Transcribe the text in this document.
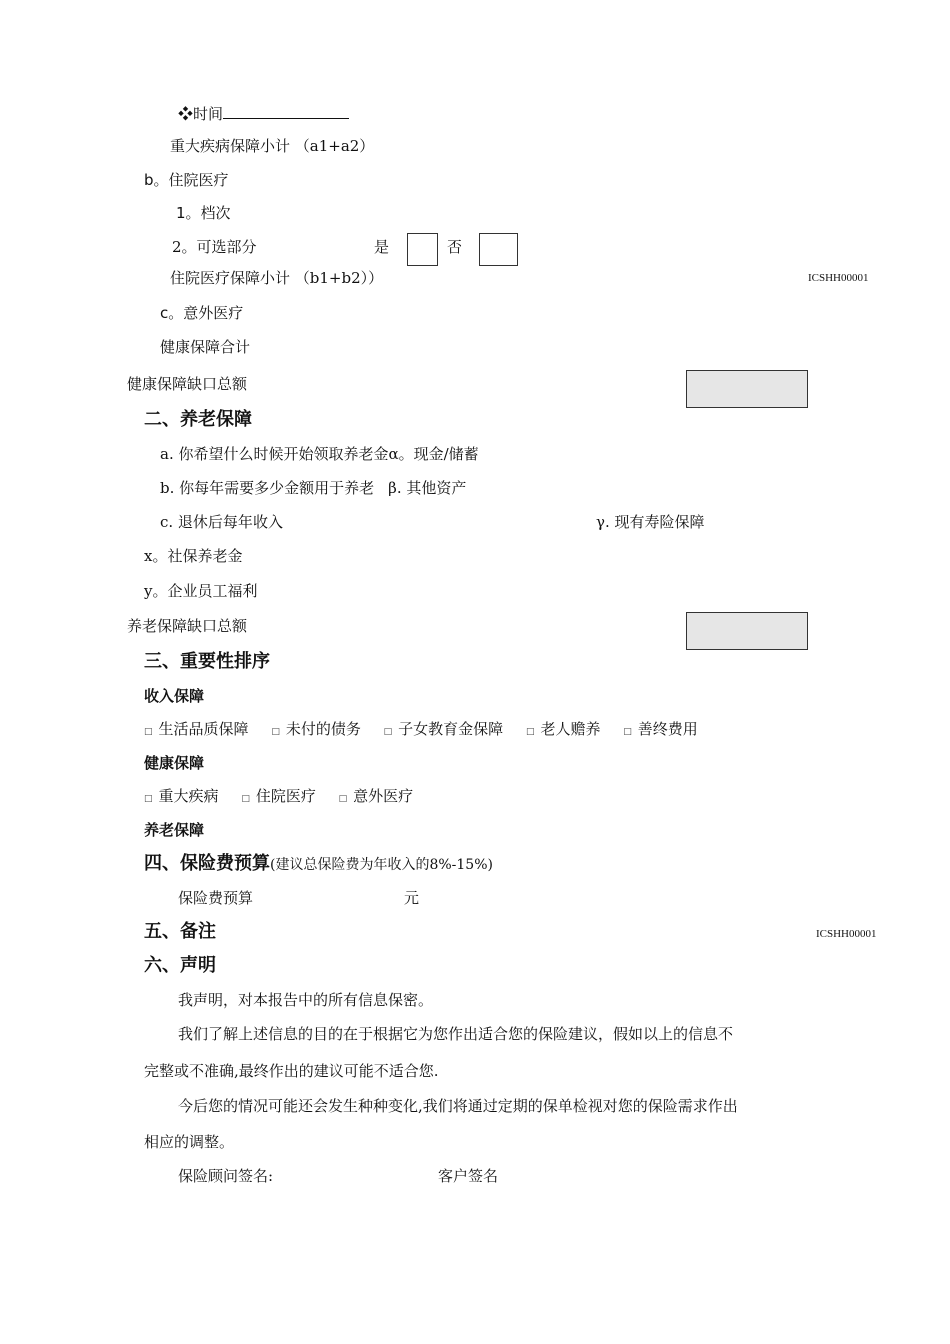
❖时间
重大疾病保障小计 （a1+a2）
b。住院医疗
1。档次
2。可选部分	是	否
住院医疗保障小计 （b1+b2））	ICSHH00001
c。意外医疗
健康保障合计
健康保障缺口总额
二、养老保障
a. 你希望什么时候开始领取养老金α。现金/储蓄
b. 你每年需要多少金额用于养老 β. 其他资产
c. 退休后每年收入	γ. 现有寿险保障
x。社保养老金
y。企业员工福利
养老保障缺口总额
三、重要性排序
收入保障
□ 生活品质保障	□ 未付的债务	□ 子女教育金保障	□ 老人赡养	□ 善终费用
健康保障
□ 重大疾病	□ 住院医疗	□ 意外医疗
养老保障
四、保险费预算(建议总保险费为年收入的8%-15%)
保险费预算	元
五、备注	ICSHH00001
六、声明
我声明，对本报告中的所有信息保密。
我们了解上述信息的目的在于根据它为您作出适合您的保险建议，假如以上的信息不
完整或不准确,最终作出的建议可能不适合您.
今后您的情况可能还会发生种种变化,我们将通过定期的保单检视对您的保险需求作出
相应的调整。
保险顾问签名:	客户签名
